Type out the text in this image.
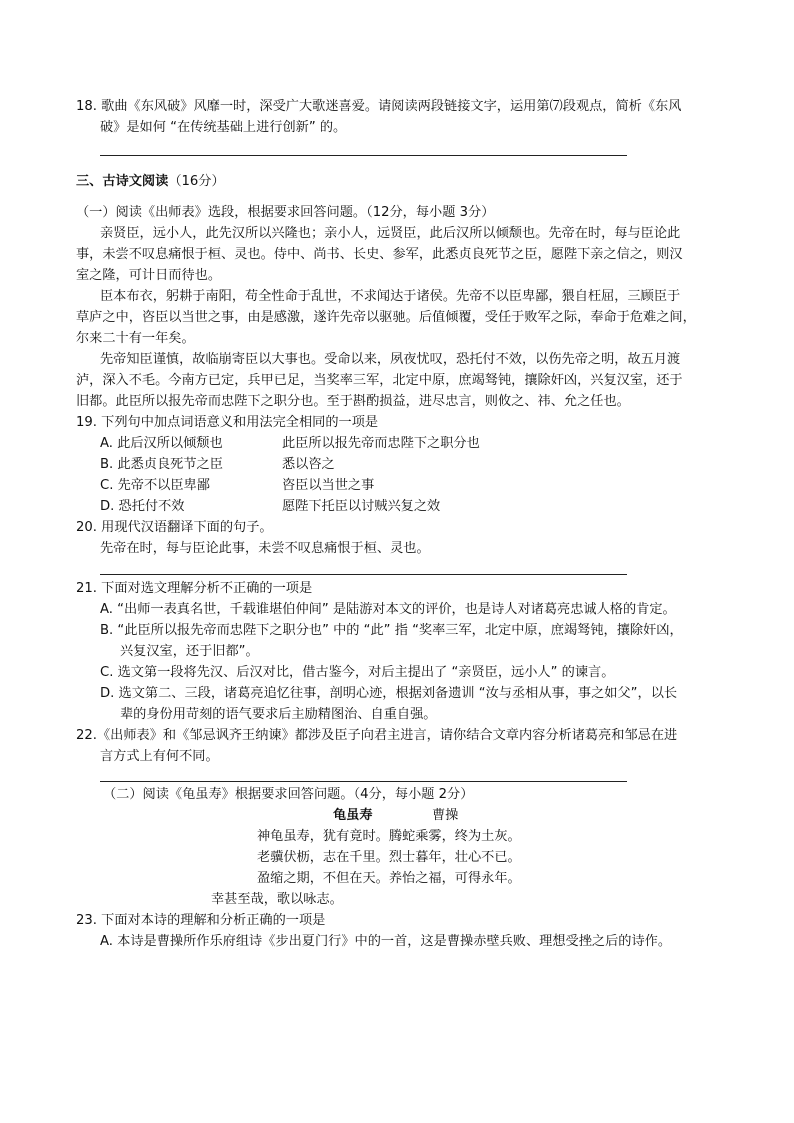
18. 歌曲《东风破》风靡一时，深受广大歌迷喜爱。请阅读两段链接文字，运用第⑺段观点，简析《东风
破》是如何 “在传统基础上进行创新” 的。
三、古诗文阅读（16分）
（一）阅读《出师表》选段，根据要求回答问题。（12分，每小题 3分）
亲贤臣，远小人，此先汉所以兴隆也；亲小人，远贤臣，此后汉所以倾颓也。先帝在时，每与臣论此
事，未尝不叹息痛恨于桓、灵也。侍中、尚书、长史、参军，此悉贞良死节之臣，愿陛下亲之信之，则汉
室之隆，可计日而待也。
臣本布衣，躬耕于南阳，苟全性命于乱世，不求闻达于诸侯。先帝不以臣卑鄙，猥自枉屈，三顾臣于
草庐之中，咨臣以当世之事，由是感激，遂许先帝以驱驰。后值倾覆，受任于败军之际，奉命于危难之间，
尔来二十有一年矣。
先帝知臣谨慎，故临崩寄臣以大事也。受命以来，夙夜忧叹，恐托付不效，以伤先帝之明，故五月渡
泸，深入不毛。今南方已定，兵甲已足，当奖率三军，北定中原，庶竭驽钝，攘除奸凶，兴复汉室，还于
旧都。此臣所以报先帝而忠陛下之职分也。至于斟酌损益，进尽忠言，则攸之、祎、允之任也。
19. 下列句中加点词语意义和用法完全相同的一项是
A. 此后汉所以倾颓也	此臣所以报先帝而忠陛下之职分也
B. 此悉贞良死节之臣	悉以咨之
C. 先帝不以臣卑鄙	咨臣以当世之事
D. 恐托付不效	愿陛下托臣以讨贼兴复之效
20. 用现代汉语翻译下面的句子。
先帝在时，每与臣论此事，未尝不叹息痛恨于桓、灵也。
21. 下面对选文理解分析不正确的一项是
A. “出师一表真名世，千载谁堪伯仲间” 是陆游对本文的评价，也是诗人对诸葛亮忠诚人格的肯定。
B. “此臣所以报先帝而忠陛下之职分也” 中的 “此” 指 “奖率三军，北定中原，庶竭驽钝，攘除奸凶，
兴复汉室，还于旧都”。
C. 选文第一段将先汉、后汉对比，借古鉴今，对后主提出了 “亲贤臣，远小人” 的谏言。
D. 选文第二、三段，诸葛亮追忆往事，剖明心迹，根据刘备遗训 “汝与丞相从事，事之如父”，以长
辈的身份用苛刻的语气要求后主励精图治、自重自强。
22.《出师表》和《邹忌讽齐王纳谏》都涉及臣子向君主进言，请你结合文章内容分析诸葛亮和邹忌在进
言方式上有何不同。
（二）阅读《龟虽寿》根据要求回答问题。（4分，每小题 2分）
龟虽寿	曹操
神龟虽寿，犹有竟时。腾蛇乘雾，终为土灰。
老骥伏枥，志在千里。烈士暮年，壮心不已。
盈缩之期，不但在天。养怡之福，可得永年。
幸甚至哉，歌以咏志。
23. 下面对本诗的理解和分析正确的一项是
A. 本诗是曹操所作乐府组诗《步出夏门行》中的一首，这是曹操赤壁兵败、理想受挫之后的诗作。
